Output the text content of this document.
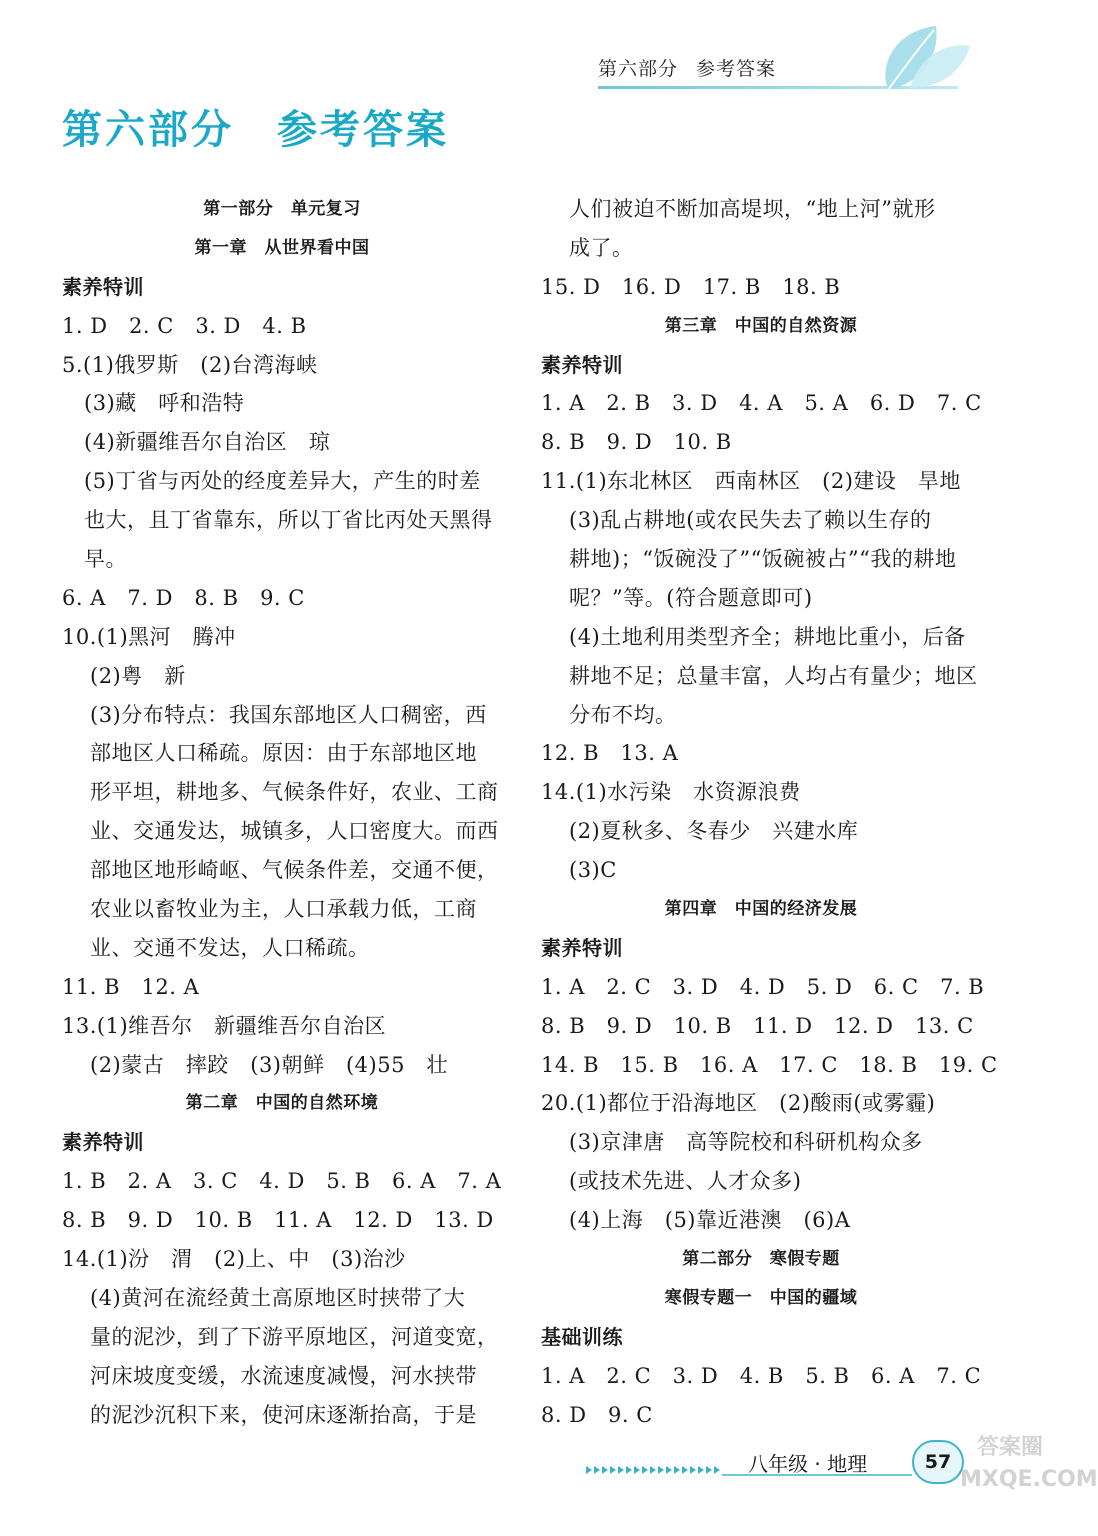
第六部分 参考答案
第六部分　参考答案
第一部分　单元复习
第一章　从世界看中国
素养特训
1. D　2. C　3. D　4. B
5.(1)俄罗斯　(2)台湾海峡
(3)藏　呼和浩特
(4)新疆维吾尔自治区　琼
(5)丁省与丙处的经度差异大，产生的时差
也大，且丁省靠东，所以丁省比丙处天黑得
早。
6. A　7. D　8. B　9. C
10.(1)黑河　腾冲
(2)粤　新
(3)分布特点：我国东部地区人口稠密，西
部地区人口稀疏。原因：由于东部地区地
形平坦，耕地多、气候条件好，农业、工商
业、交通发达，城镇多，人口密度大。而西
部地区地形崎岖、气候条件差，交通不便，
农业以畜牧业为主，人口承载力低，工商
业、交通不发达，人口稀疏。
11. B　12. A
13.(1)维吾尔　新疆维吾尔自治区
(2)蒙古　摔跤　(3)朝鲜　(4)55　壮
第二章　中国的自然环境
素养特训
1. B　2. A　3. C　4. D　5. B　6. A　7. A
8. B　9. D　10. B　11. A　12. D　13. D
14.(1)汾　渭　(2)上、中　(3)治沙
(4)黄河在流经黄土高原地区时挟带了大
量的泥沙，到了下游平原地区，河道变宽，
河床坡度变缓，水流速度减慢，河水挟带
的泥沙沉积下来，使河床逐渐抬高，于是
人们被迫不断加高堤坝，“地上河”就形
成了。
15. D　16. D　17. B　18. B
第三章　中国的自然资源
素养特训
1. A　2. B　3. D　4. A　5. A　6. D　7. C
8. B　9. D　10. B
11.(1)东北林区　西南林区　(2)建设　旱地
(3)乱占耕地(或农民失去了赖以生存的
耕地)；“饭碗没了”“饭碗被占”“我的耕地
呢？”等。(符合题意即可)
(4)土地利用类型齐全；耕地比重小，后备
耕地不足；总量丰富，人均占有量少；地区
分布不均。
12. B　13. A
14.(1)水污染　水资源浪费
(2)夏秋多、冬春少　兴建水库
(3)C
第四章　中国的经济发展
素养特训
1. A　2. C　3. D　4. D　5. D　6. C　7. B
8. B　9. D　10. B　11. D　12. D　13. C
14. B　15. B　16. A　17. C　18. B　19. C
20.(1)都位于沿海地区　(2)酸雨(或雾霾)
(3)京津唐　高等院校和科研机构众多
(或技术先进、人才众多)
(4)上海　(5)靠近港澳　(6)A
第二部分　寒假专题
寒假专题一　中国的疆域
基础训练
1. A　2. C　3. D　4. B　5. B　6. A　7. C
8. D　9. C
八年级 · 地理	57
答案圈
MXQE.COM
